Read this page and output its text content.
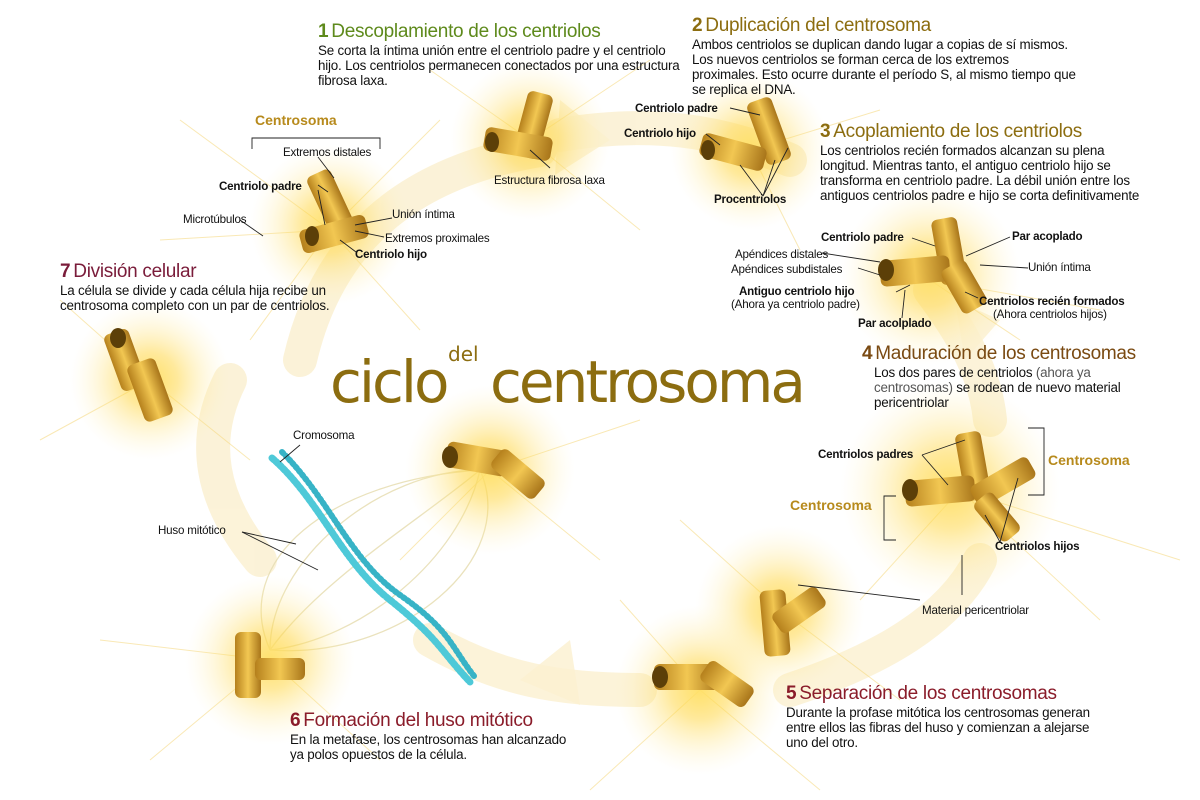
del
ciclo centrosoma
1 Descoplamiento de los centriolos

Se corta la íntima unión entre el centriolo padre y el centriolo hijo. Los centriolos permanecen conectados por una estructura fibrosa laxa.

2 Duplicación del centrosoma

Ambos centriolos se duplican dando lugar a copias de sí mismos. Los nuevos centriolos se forman cerca de los extremos proximales. Esto ocurre durante el período S, al mismo tiempo que se replica el DNA.

3 Acoplamiento de los centriolos

Los centriolos recién formados alcanzan su plena longitud. Mientras tanto, el antiguo centriolo hijo se transforma en centriolo padre. La débil unión entre los antiguos centriolos padre e hijo se corta definitivamente

4 Maduración de los centrosomas

Los dos pares de centriolos (ahora ya centrosomas) se rodean de nuevo material pericentriolar

5 Separación de los centrosomas

Durante la profase mitótica los centrosomas generan entre ellos las fibras del huso y comienzan a alejarse uno del otro.

6 Formación del huso mitótico

En la metafase, los centrosomas han alcanzado ya polos opuestos de la célula.

7 División celular

La célula se divide y cada célula hija recibe un centrosoma completo con un par de centriolos.

Centrosoma
Extremos distales
Centriolo padre
Microtúbulos	Unión íntima
Extremos proximales
Centriolo hijo
Estructura fibrosa laxa
Centriolo padre
Centriolo hijo
Procentriolos
Centriolo padre	Par acoplado
Apéndices distales
Apéndices subdistales	Unión íntima
Antiguo centriolo hijo
(Ahora ya centriolo padre)	Centriolos recién formados
(Ahora centriolos hijos)
Par acolplado
Centriolos padres	Centrosoma
Centrosoma
Centriolos hijos
Material pericentriolar
Cromosoma
Huso mitótico
